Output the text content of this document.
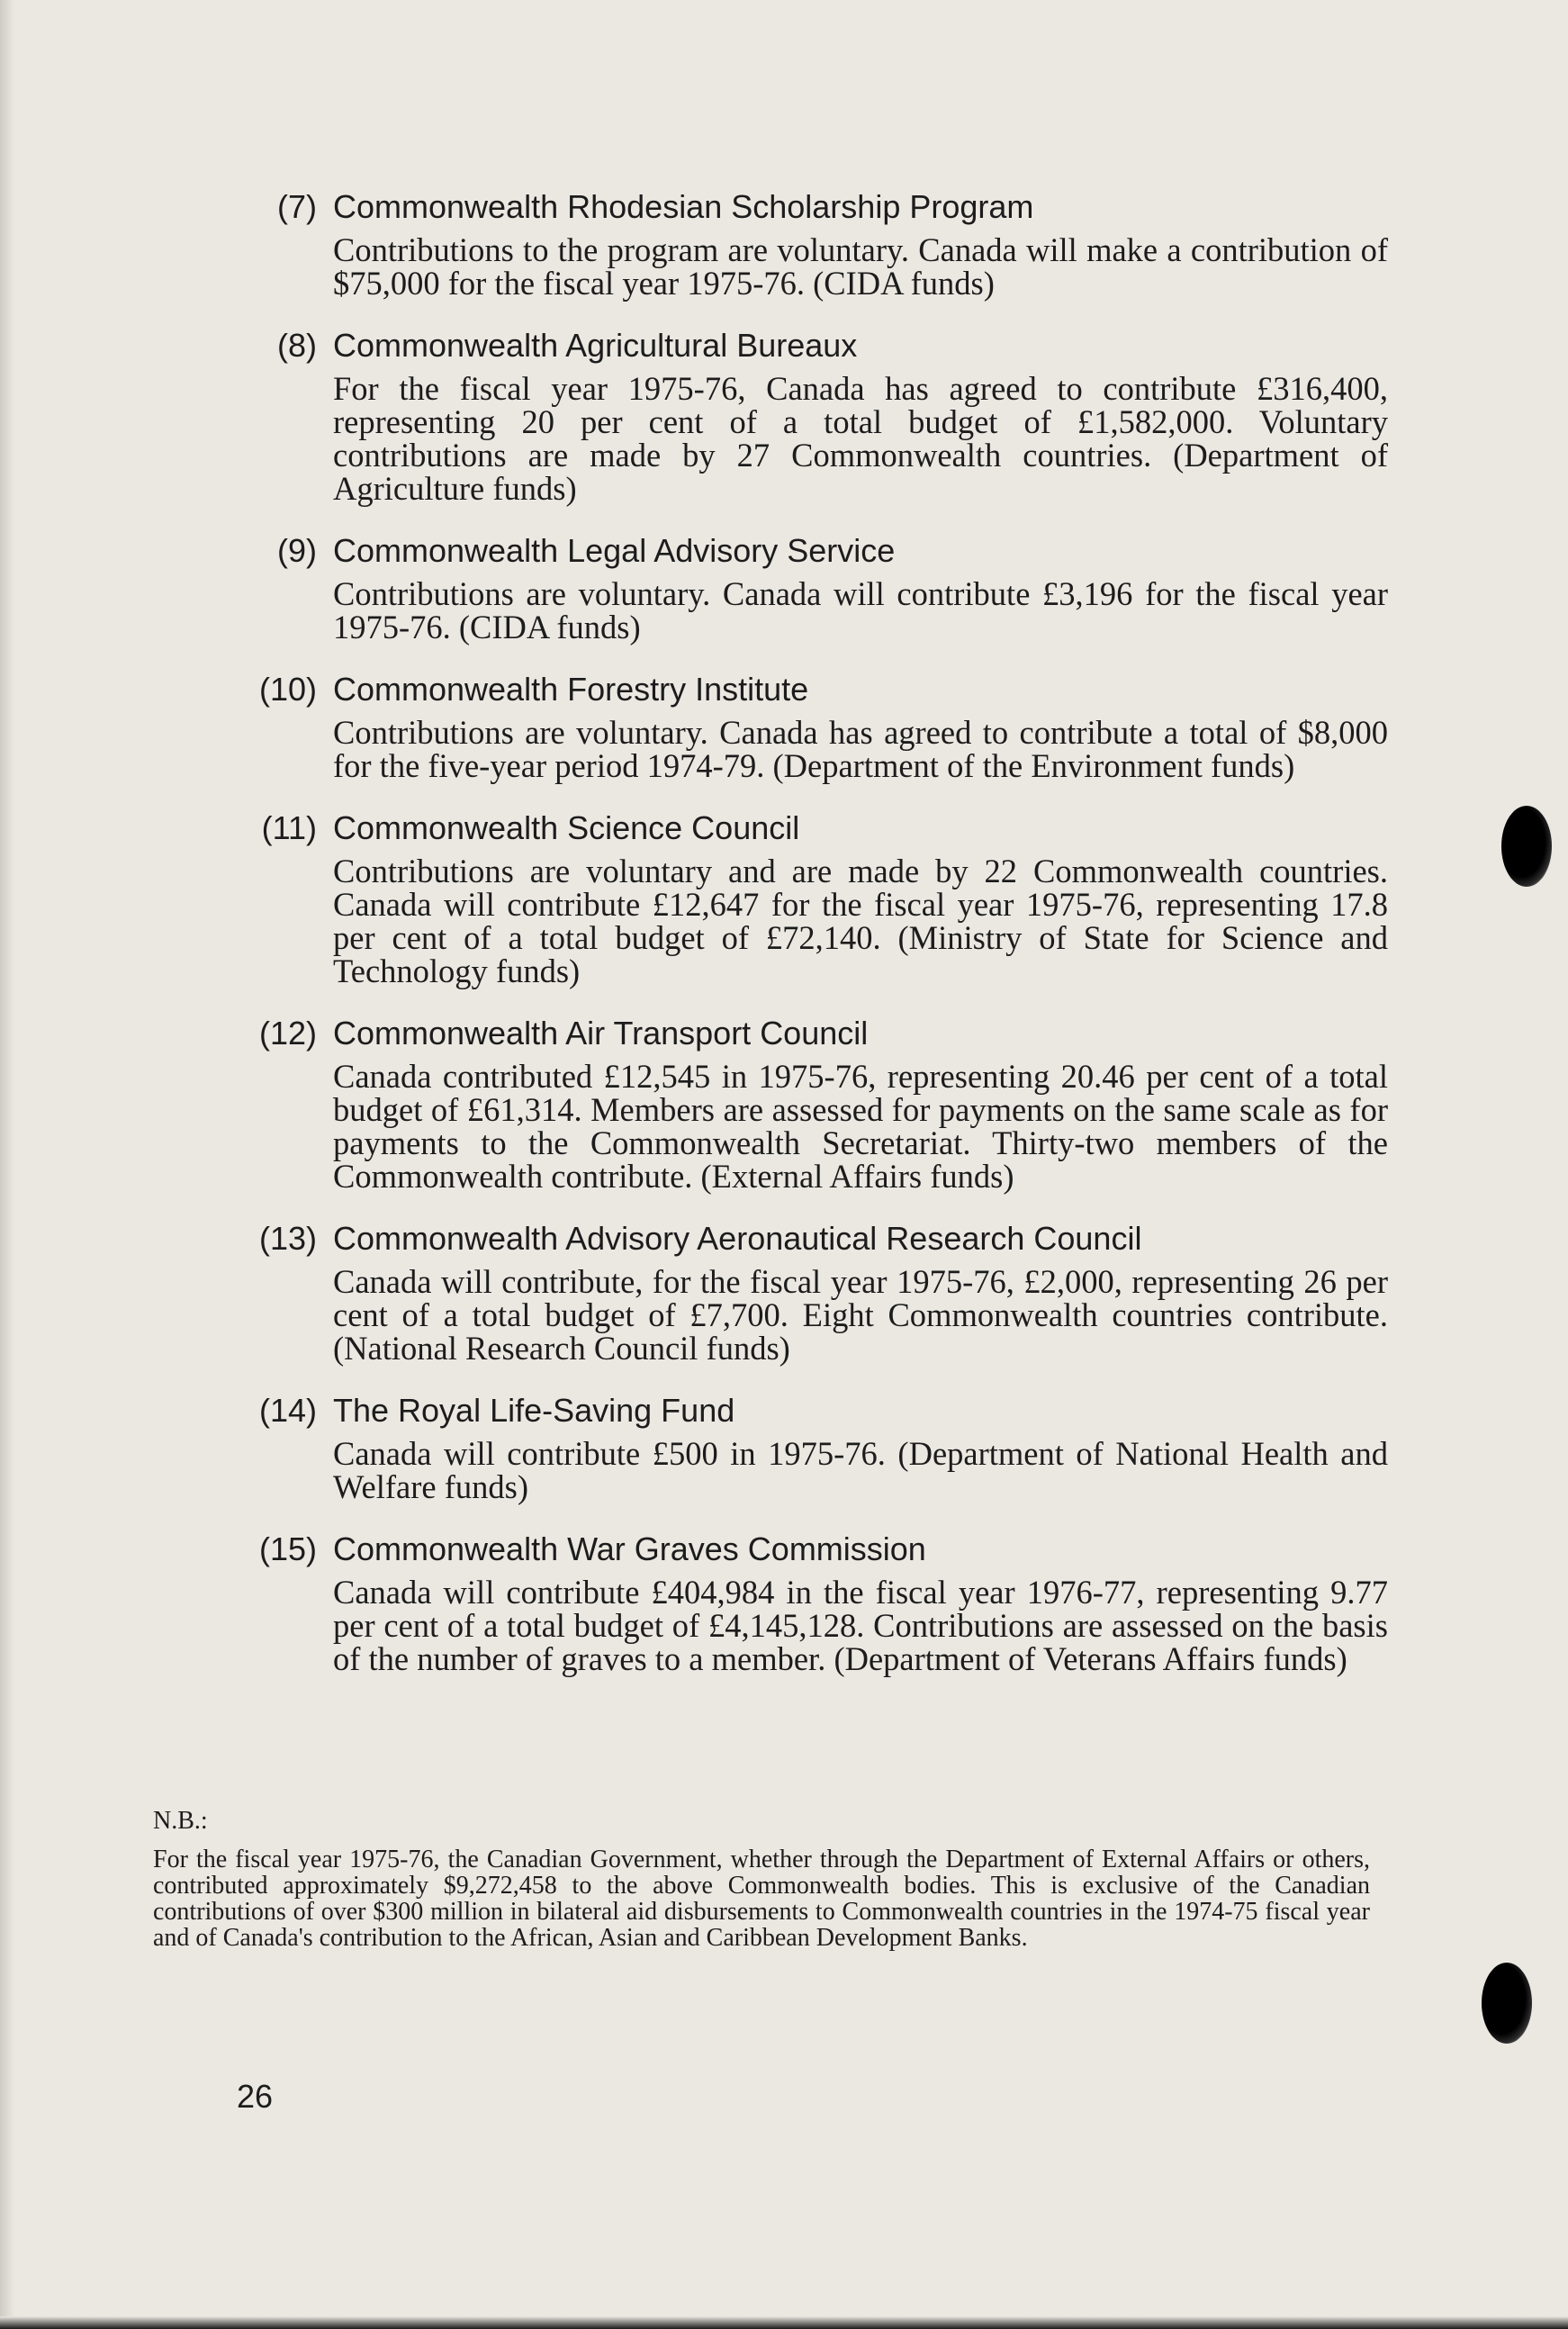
(7) Commonwealth Rhodesian Scholarship Program
Contributions to the program are voluntary. Canada will make a contribution of $75,000 for the fiscal year 1975-76. (CIDA funds)
(8) Commonwealth Agricultural Bureaux
For the fiscal year 1975-76, Canada has agreed to contribute £316,400, representing 20 per cent of a total budget of £1,582,000. Voluntary contributions are made by 27 Commonwealth countries. (Department of Agriculture funds)
(9) Commonwealth Legal Advisory Service
Contributions are voluntary. Canada will contribute £3,196 for the fiscal year 1975-76. (CIDA funds)
(10) Commonwealth Forestry Institute
Contributions are voluntary. Canada has agreed to contribute a total of $8,000 for the five-year period 1974-79. (Department of the Environment funds)
(11) Commonwealth Science Council
Contributions are voluntary and are made by 22 Commonwealth countries. Canada will contribute £12,647 for the fiscal year 1975-76, representing 17.8 per cent of a total budget of £72,140. (Ministry of State for Science and Technology funds)
(12) Commonwealth Air Transport Council
Canada contributed £12,545 in 1975-76, representing 20.46 per cent of a total budget of £61,314. Members are assessed for payments on the same scale as for payments to the Commonwealth Secretariat. Thirty-two members of the Commonwealth contribute. (External Affairs funds)
(13) Commonwealth Advisory Aeronautical Research Council
Canada will contribute, for the fiscal year 1975-76, £2,000, representing 26 per cent of a total budget of £7,700. Eight Commonwealth countries contribute. (National Research Council funds)
(14) The Royal Life-Saving Fund
Canada will contribute £500 in 1975-76. (Department of National Health and Welfare funds)
(15) Commonwealth War Graves Commission
Canada will contribute £404,984 in the fiscal year 1976-77, representing 9.77 per cent of a total budget of £4,145,128. Contributions are assessed on the basis of the number of graves to a member. (Department of Veterans Affairs funds)
N.B.:
For the fiscal year 1975-76, the Canadian Government, whether through the Department of External Affairs or others, contributed approximately $9,272,458 to the above Commonwealth bodies. This is exclusive of the Canadian contributions of over $300 million in bilateral aid disbursements to Commonwealth countries in the 1974-75 fiscal year and of Canada's contribution to the African, Asian and Caribbean Development Banks.
26
